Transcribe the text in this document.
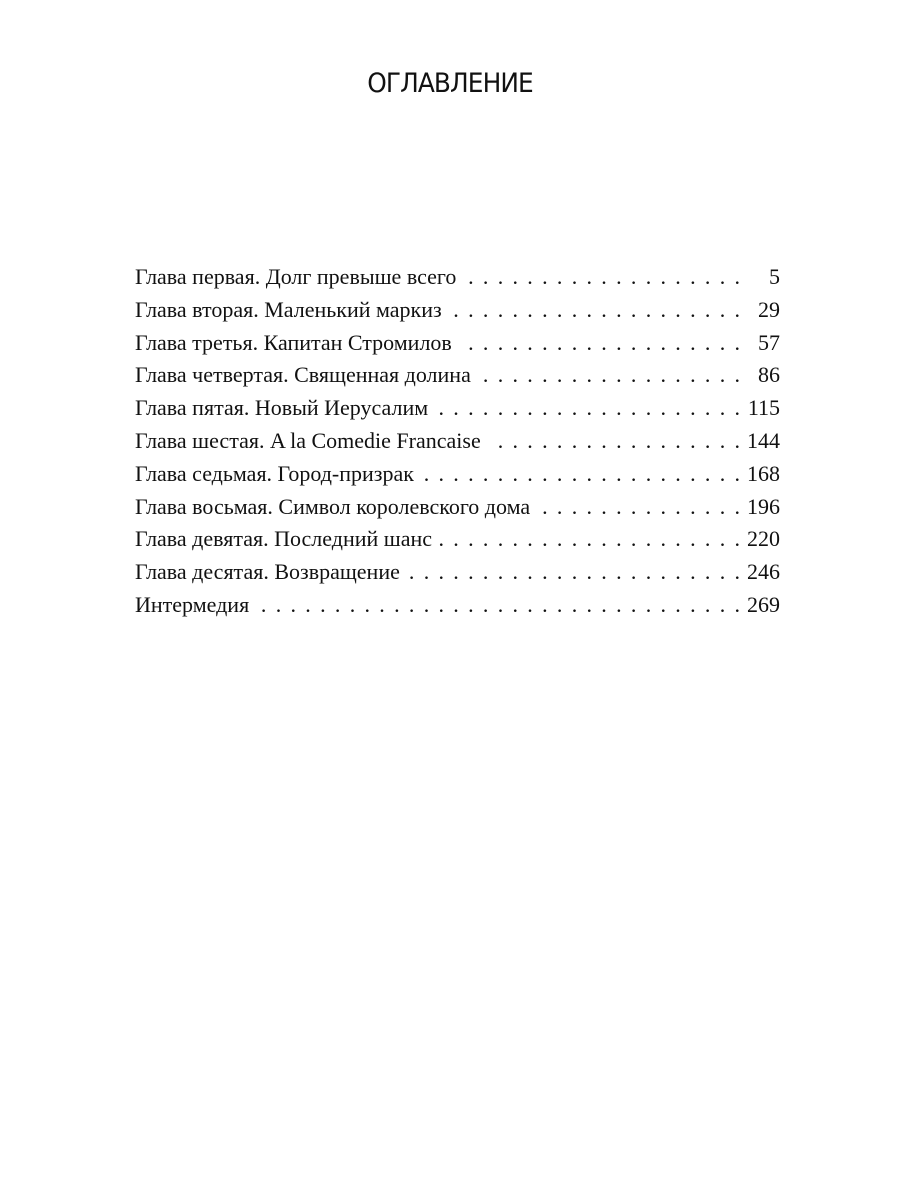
ОГЛАВЛЕНИЕ
Глава первая. Долг превыше всего . . .	5
Глава вторая. Маленький маркиз . . .	29
Глава третья. Капитан Стромилов . . .	57
Глава четвертая. Священная долина . . .	86
Глава пятая. Новый Иерусалим . . .	115
Глава шестая. A la Comedie Francaise . . .	144
Глава седьмая. Город-призрак . . .	168
Глава восьмая. Символ королевского дома . . .	196
Глава девятая. Последний шанс . . .	220
Глава десятая. Возвращение . . .	246
Интермедия . . .	269
